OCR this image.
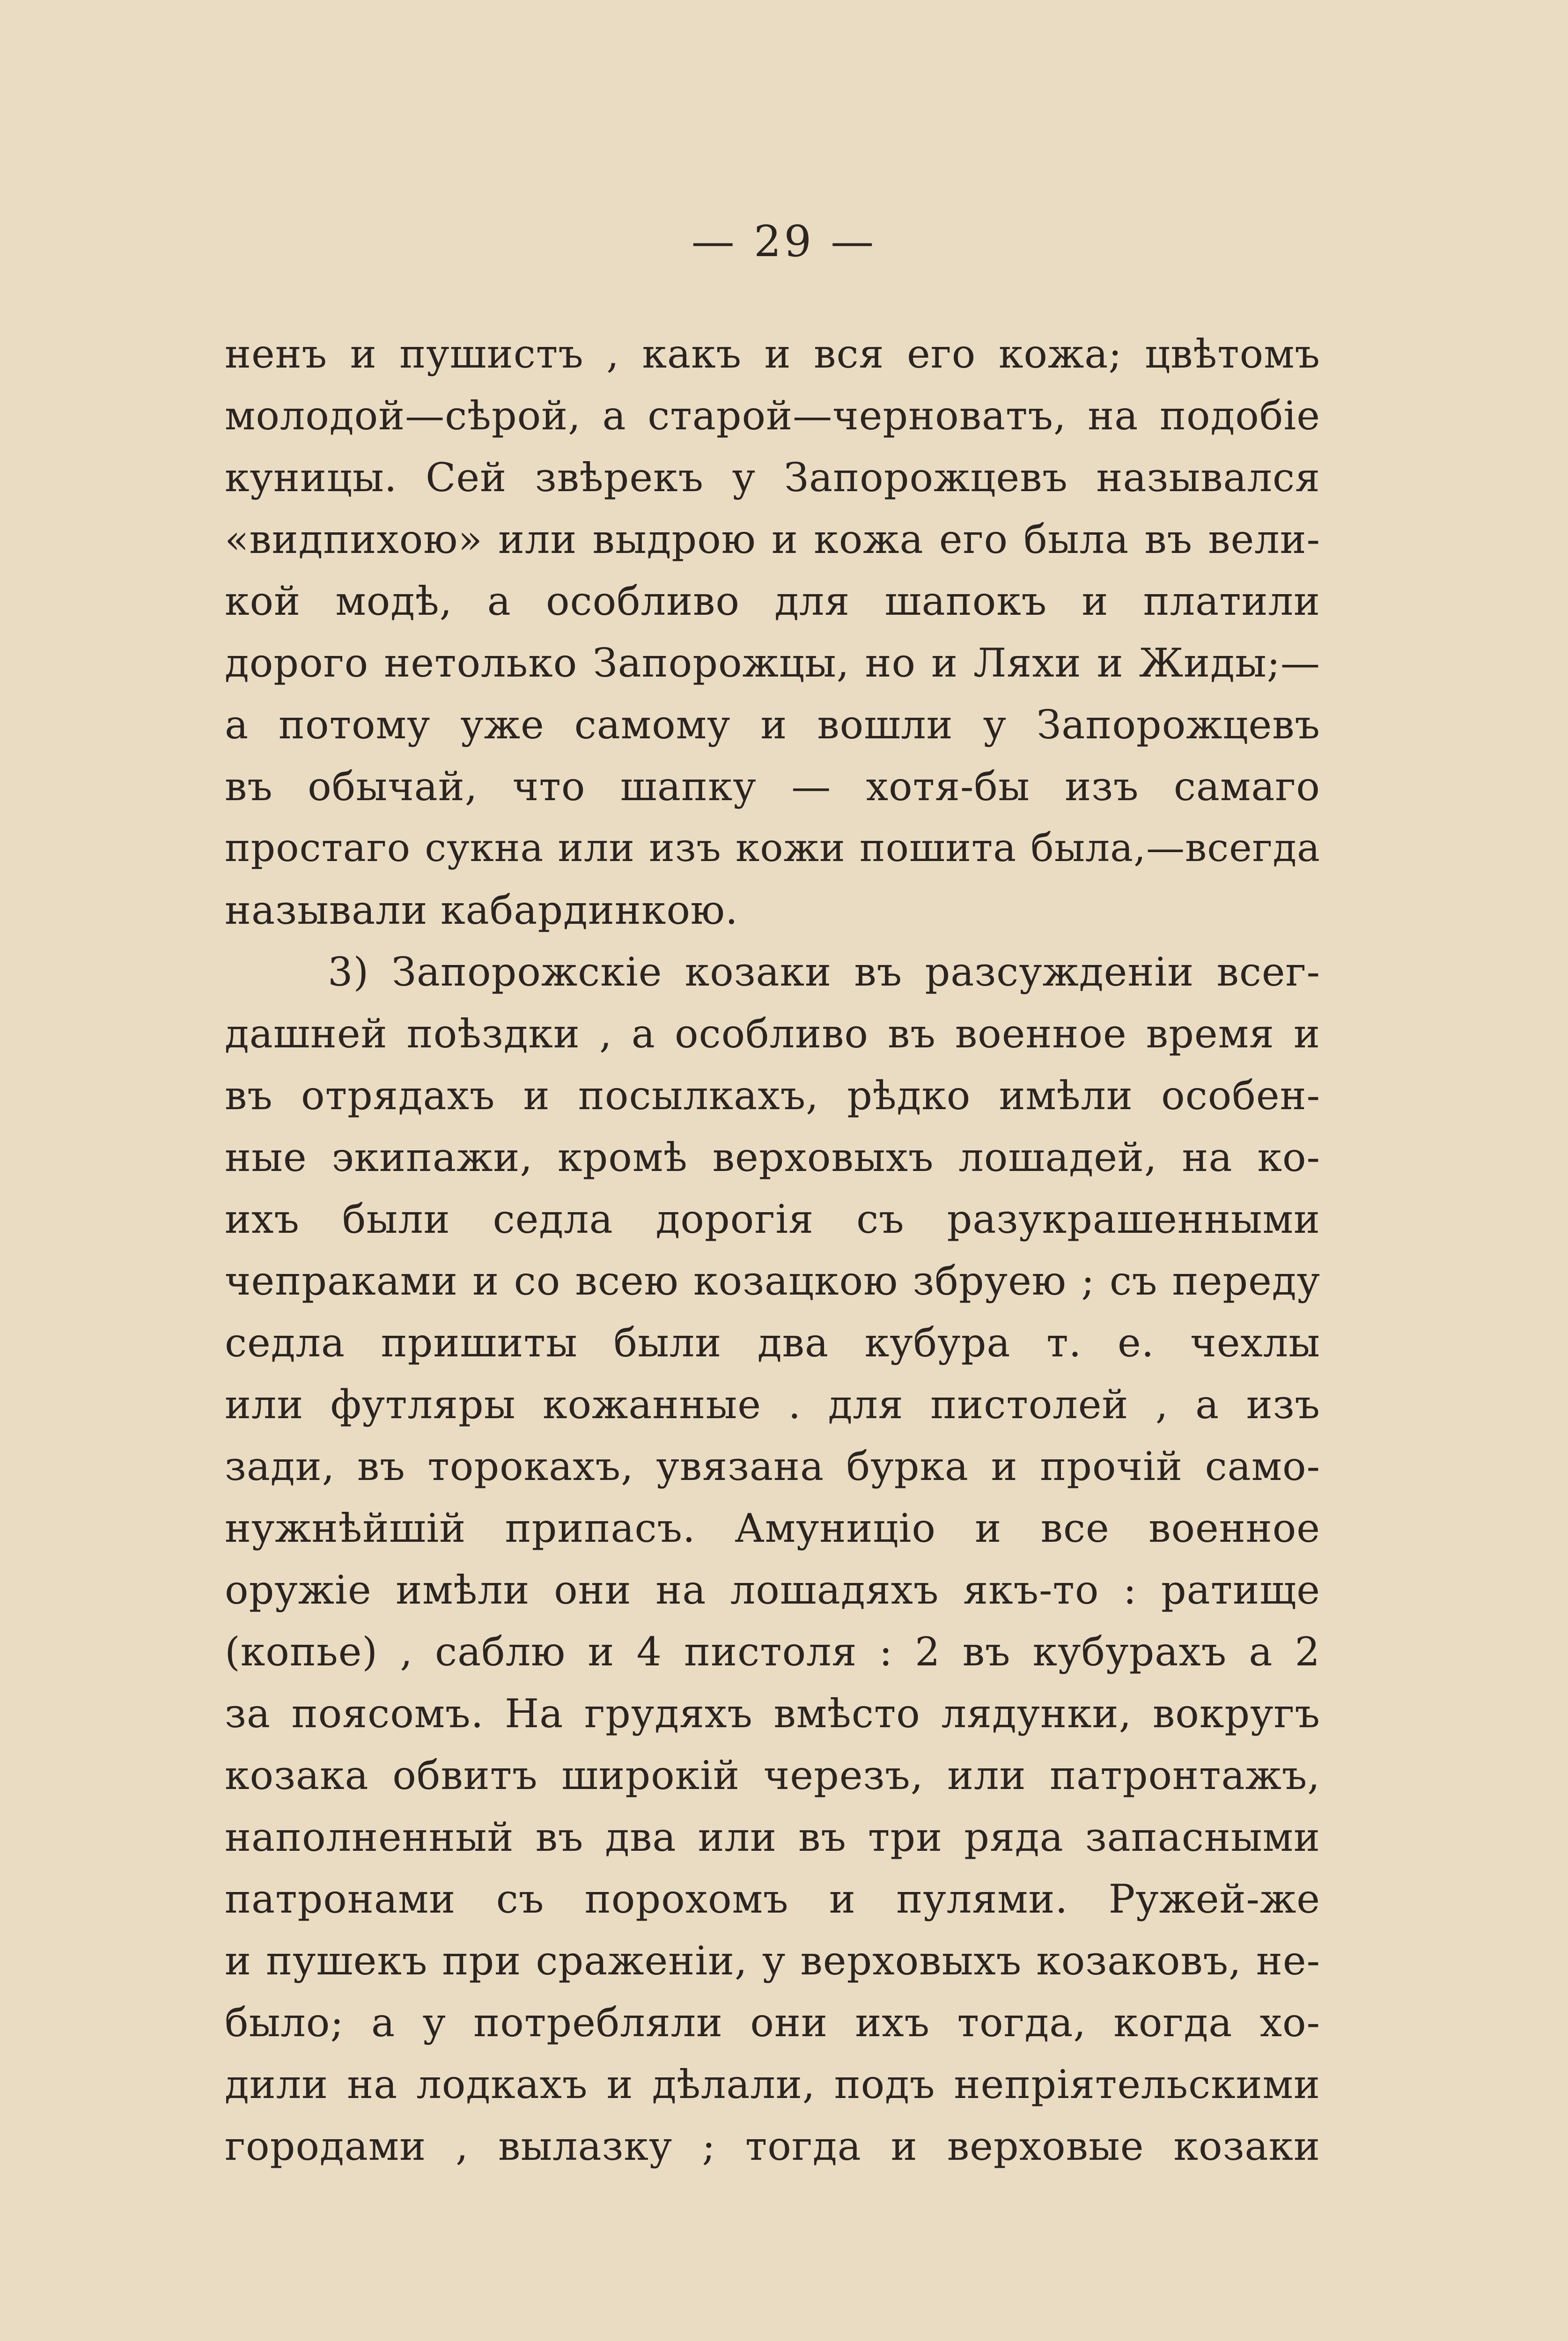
— 29 —
ненъ и пушистъ , какъ и вся его кожа; цвѣтомъ
молодой—сѣрой, а старой—черноватъ, на подобіе
куницы. Сей звѣрекъ у Запорожцевъ назывался
«видпихою» или выдрою и кожа его была въ вели-
кой модѣ, а особливо для шапокъ и платили
дорого нетолько Запорожцы, но и Ляхи и Жиды;—
а потому уже самому и вошли у Запорожцевъ
въ обычай, что шапку — хотя-бы изъ самаго
простаго сукна или изъ кожи пошита была,—всегда
называли кабардинкою.
3) Запорожскіе козаки въ разсужденіи всег-
дашней поѣздки , а особливо въ военное время и
въ отрядахъ и посылкахъ, рѣдко имѣли особен-
ные экипажи, кромѣ верховыхъ лошадей, на ко-
ихъ были седла дорогія съ разукрашенными
чепраками и со всею козацкою збруею ; съ переду
седла пришиты были два кубура т. е. чехлы
или футляры кожанные . для пистолей , а изъ
зади, въ торокахъ, увязана бурка и прочій само-
нужнѣйшій припасъ. Амуниціо и все военное
оружіе имѣли они на лошадяхъ якъ-то : ратище
(копье) , саблю и 4 пистоля : 2 въ кубурахъ а 2
за поясомъ. На грудяхъ вмѣсто лядунки, вокругъ
козака обвитъ широкій черезъ, или патронтажъ,
наполненный въ два или въ три ряда запасными
патронами съ порохомъ и пулями. Ружей-же
и пушекъ при сраженіи, у верховыхъ козаковъ, не-
было; а у потребляли они ихъ тогда, когда хо-
дили на лодкахъ и дѣлали, подъ непріятельскими
городами , вылазку ; тогда и верховые козаки
